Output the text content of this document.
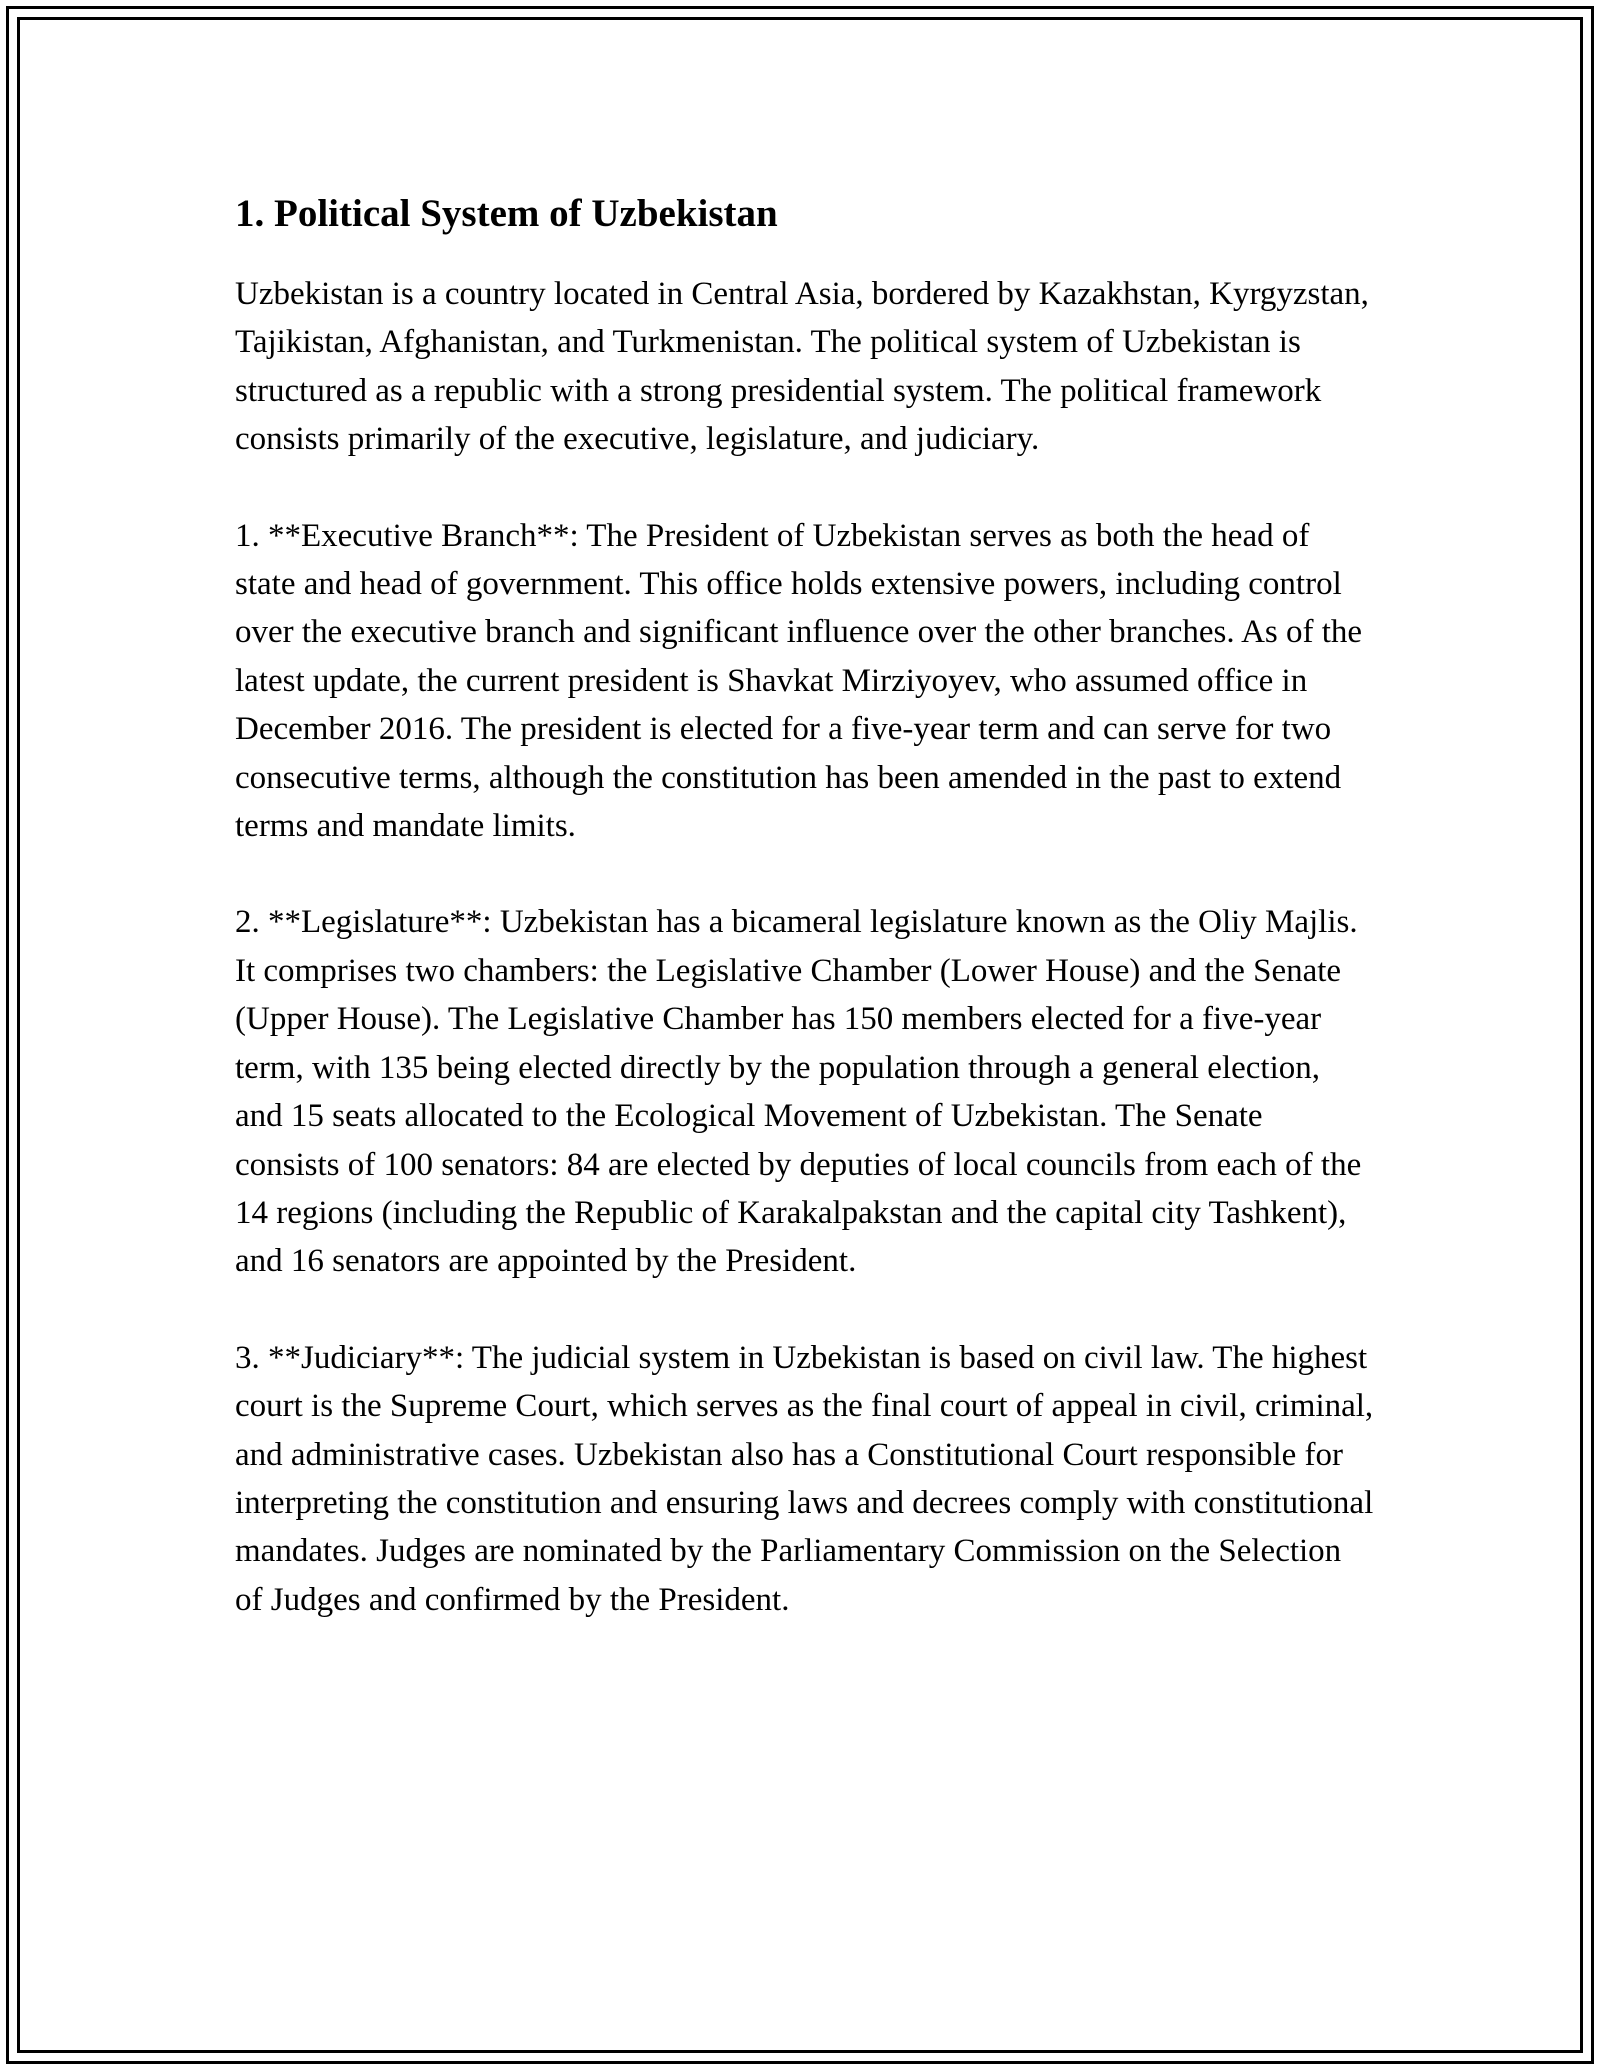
1. Political System of Uzbekistan

Uzbekistan is a country located in Central Asia, bordered by Kazakhstan, Kyrgyzstan, Tajikistan, Afghanistan, and Turkmenistan. The political system of Uzbekistan is structured as a republic with a strong presidential system. The political framework consists primarily of the executive, legislature, and judiciary.

1. **Executive Branch**: The President of Uzbekistan serves as both the head of state and head of government. This office holds extensive powers, including control over the executive branch and significant influence over the other branches. As of the latest update, the current president is Shavkat Mirziyoyev, who assumed office in December 2016. The president is elected for a five-year term and can serve for two consecutive terms, although the constitution has been amended in the past to extend terms and mandate limits.

2. **Legislature**: Uzbekistan has a bicameral legislature known as the Oliy Majlis. It comprises two chambers: the Legislative Chamber (Lower House) and the Senate (Upper House). The Legislative Chamber has 150 members elected for a five-year term, with 135 being elected directly by the population through a general election, and 15 seats allocated to the Ecological Movement of Uzbekistan. The Senate consists of 100 senators: 84 are elected by deputies of local councils from each of the 14 regions (including the Republic of Karakalpakstan and the capital city Tashkent), and 16 senators are appointed by the President.

3. **Judiciary**: The judicial system in Uzbekistan is based on civil law. The highest court is the Supreme Court, which serves as the final court of appeal in civil, criminal, and administrative cases. Uzbekistan also has a Constitutional Court responsible for interpreting the constitution and ensuring laws and decrees comply with constitutional mandates. Judges are nominated by the Parliamentary Commission on the Selection of Judges and confirmed by the President.
